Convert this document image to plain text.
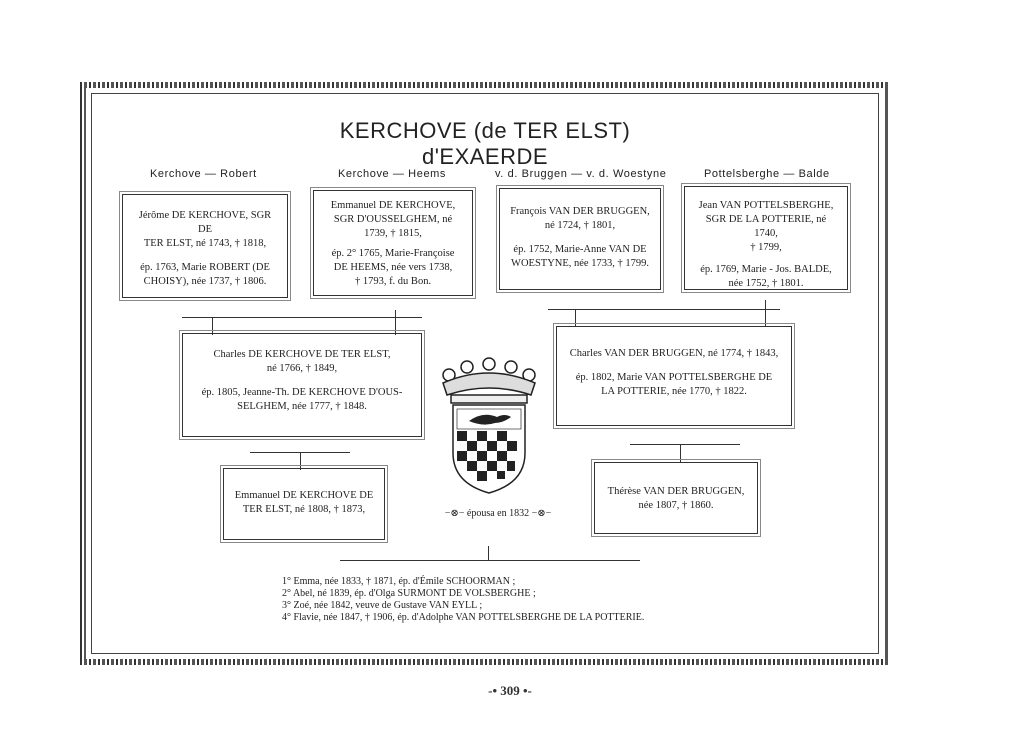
KERCHOVE (de TER ELST) d'EXAERDE
Kerchove — Robert	Kerchove — Heems	v. d. Bruggen — v. d. Woestyne	Pottelsberghe — Balde

Jérôme DE KERCHOVE, SGR DE

TER ELST, né 1743, † 1818,

ép. 1763, Marie ROBERT (DE

CHOISY), née 1737, † 1806.

Emmanuel DE KERCHOVE,

SGR D'OUSSELGHEM, né

1739, † 1815,

ép. 2° 1765, Marie-Françoise

DE HEEMS, née vers 1738,

† 1793, f. du Bon.

François VAN DER BRUGGEN,

né 1724, † 1801,

ép. 1752, Marie-Anne VAN DE

WOESTYNE, née 1733, † 1799.

Jean VAN POTTELSBERGHE,

SGR DE LA POTTERIE, né 1740,

† 1799,

ép. 1769, Marie - Jos. BALDE,

née 1752, † 1801.

Charles DE KERCHOVE DE TER ELST,

né 1766, † 1849,

ép. 1805, Jeanne-Th. DE KERCHOVE D'OUS-

SELGHEM, née 1777, † 1848.

Charles VAN DER BRUGGEN, né 1774, † 1843,

ép. 1802, Marie VAN POTTELSBERGHE DE

LA POTTERIE, née 1770, † 1822.

Emmanuel DE KERCHOVE DE

TER ELST, né 1808, † 1873,

Thérèse VAN DER BRUGGEN,

née 1807, † 1860.

−⊗− épousa en 1832 −⊗−

1° Emma, née 1833, † 1871, ép. d'Émile SCHOORMAN ;

2° Abel, né 1839, ép. d'Olga SURMONT DE VOLSBERGHE ;

3° Zoé, née 1842, veuve de Gustave VAN EYLL ;

4° Flavie, née 1847, † 1906, ép. d'Adolphe VAN POTTELSBERGHE DE LA POTTERIE.

-• 309 •-
